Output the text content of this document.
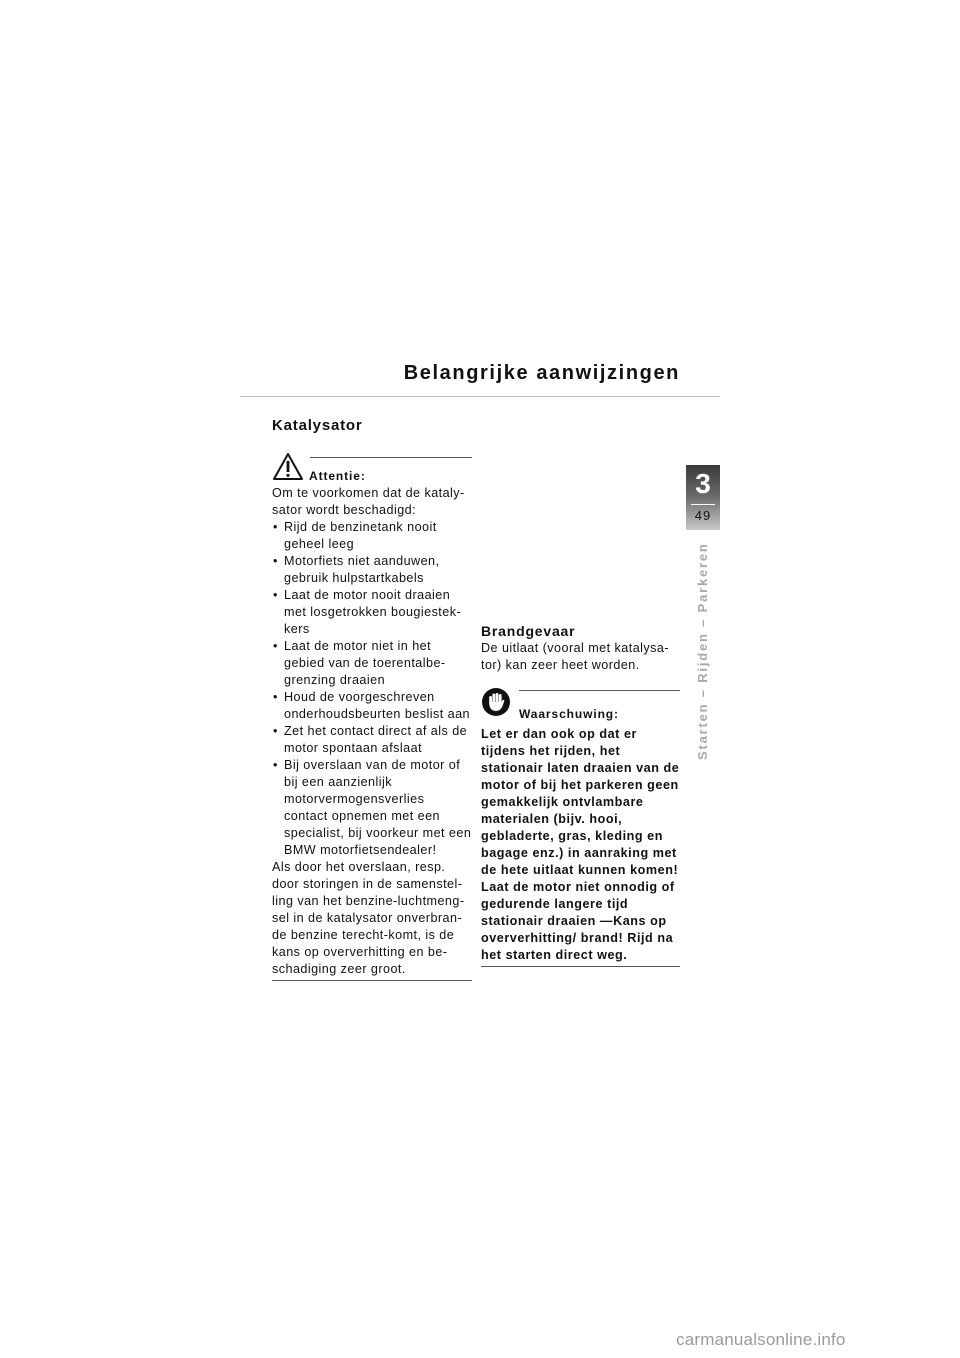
Belangrijke aanwijzingen
3
49
Starten – Rijden – Parkeren
Katalysator
Attentie:

Om te voorkomen dat de kataly-sator wordt beschadigd:

• Rijd de benzinetank nooit geheel leeg
• Motorfiets niet aanduwen, gebruik hulpstartkabels
• Laat de motor nooit draaien met losgetrokken bougiestek-kers
• Laat de motor niet in het gebied van de toerentalbe-grenzing draaien
• Houd de voorgeschreven onderhoudsbeurten beslist aan
• Zet het contact direct af als de motor spontaan afslaat
• Bij overslaan van de motor of bij een aanzienlijk motorvermogensverlies contact opnemen met een specialist, bij voorkeur met een BMW motorfietsendealer!

Als door het overslaan, resp. door storingen in de samenstel-ling van het benzine-luchtmeng-sel in de katalysator onverbran-de benzine terecht-komt, is de kans op oververhitting en be-schadiging zeer groot.

Brandgevaar

De uitlaat (vooral met katalysa-tor) kan zeer heet worden.

Waarschuwing:
Let er dan ook op dat er tijdens het rijden, het stationair laten draaien van de motor of bij het parkeren geen gemakkelijk ontvlambare materialen (bijv. hooi, gebladerte, gras, kleding en bagage enz.) in aanraking met de hete uitlaat kunnen komen! Laat de motor niet onnodig of gedurende langere tijd stationair draaien —Kans op oververhitting/ brand! Rijd na het starten direct weg.
carmanualsonline.info
